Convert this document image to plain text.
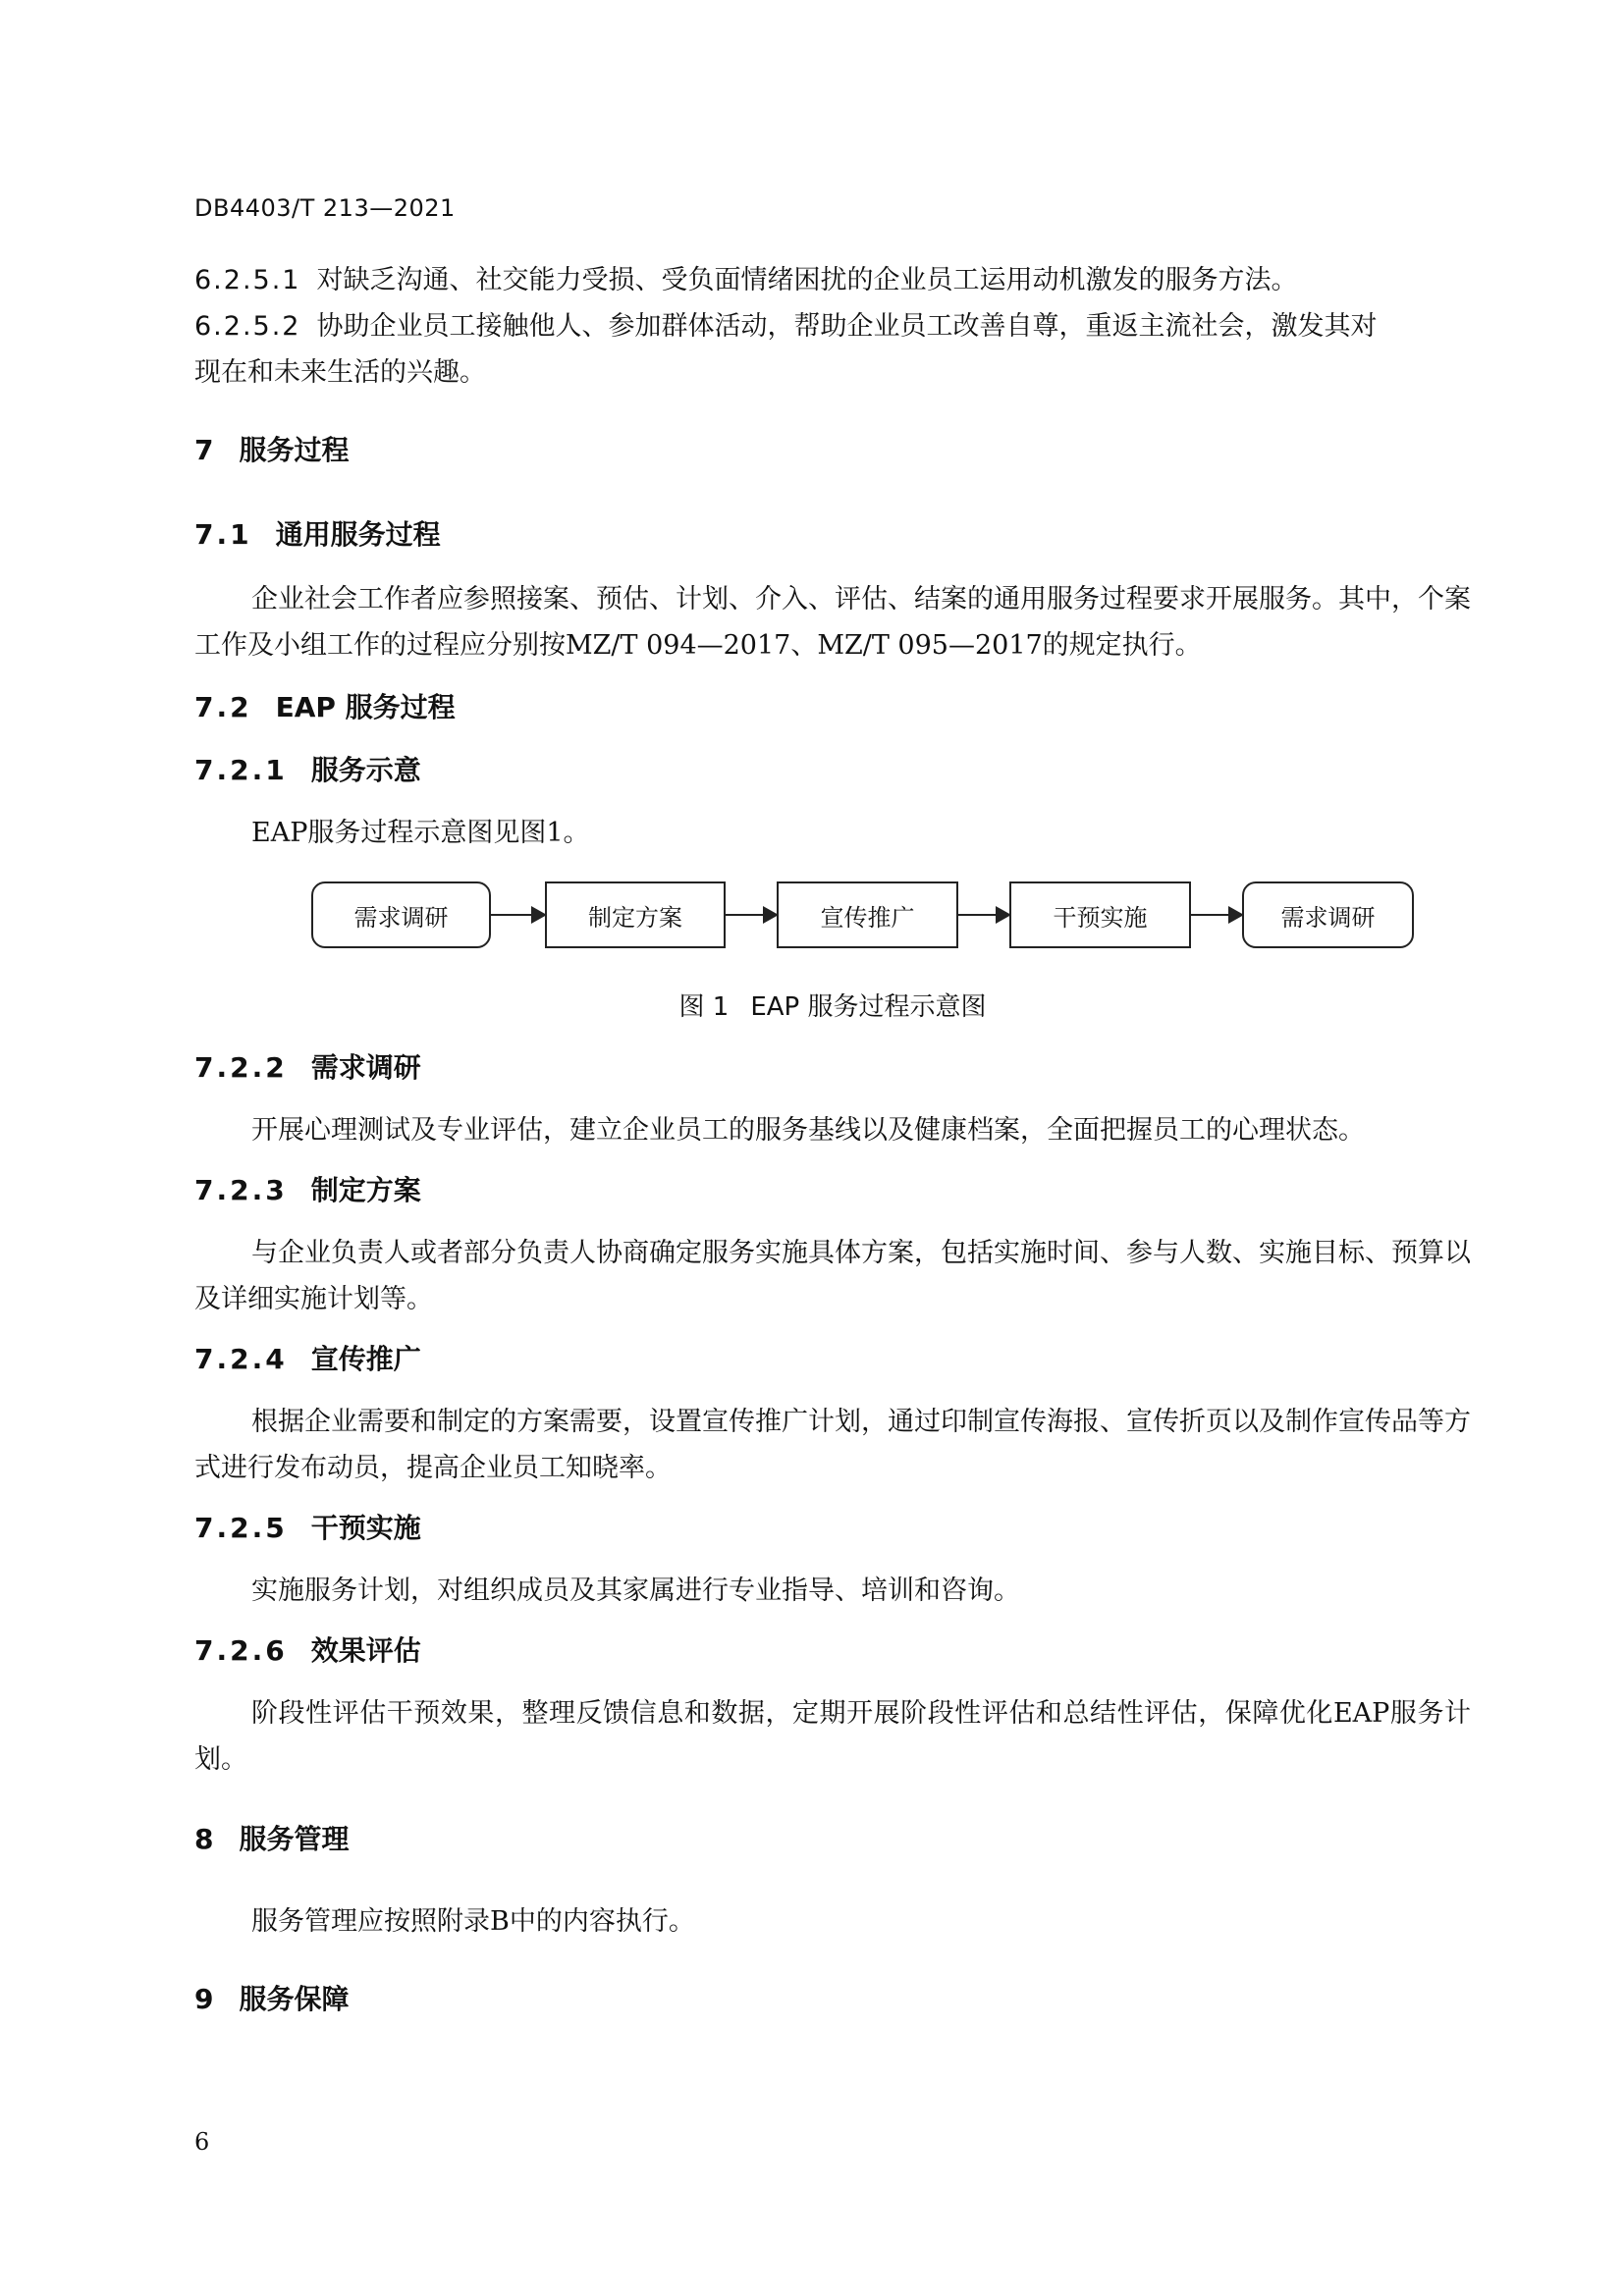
DB4403/T 213—2021

6.2.5.1 对缺乏沟通、社交能力受损、受负面情绪困扰的企业员工运用动机激发的服务方法。

6.2.5.2 协助企业员工接触他人、参加群体活动，帮助企业员工改善自尊，重返主流社会，激发其对

现在和未来生活的兴趣。

7 服务过程
7.1 通用服务过程

企业社会工作者应参照接案、预估、计划、介入、评估、结案的通用服务过程要求开展服务。其中，个案工作及小组工作的过程应分别按MZ/T 094—2017、MZ/T 095—2017的规定执行。

7.2 EAP 服务过程
7.2.1 服务示意

EAP服务过程示意图见图1。

需求调研	制定方案	宣传推广	干预实施	需求调研
图 1 EAP 服务过程示意图
7.2.2 需求调研

开展心理测试及专业评估，建立企业员工的服务基线以及健康档案，全面把握员工的心理状态。

7.2.3 制定方案

与企业负责人或者部分负责人协商确定服务实施具体方案，包括实施时间、参与人数、实施目标、预算以及详细实施计划等。

7.2.4 宣传推广

根据企业需要和制定的方案需要，设置宣传推广计划，通过印制宣传海报、宣传折页以及制作宣传品等方式进行发布动员，提高企业员工知晓率。

7.2.5 干预实施

实施服务计划，对组织成员及其家属进行专业指导、培训和咨询。

7.2.6 效果评估

阶段性评估干预效果，整理反馈信息和数据，定期开展阶段性评估和总结性评估，保障优化EAP服务计划。

8 服务管理

服务管理应按照附录B中的内容执行。

9 服务保障
6
